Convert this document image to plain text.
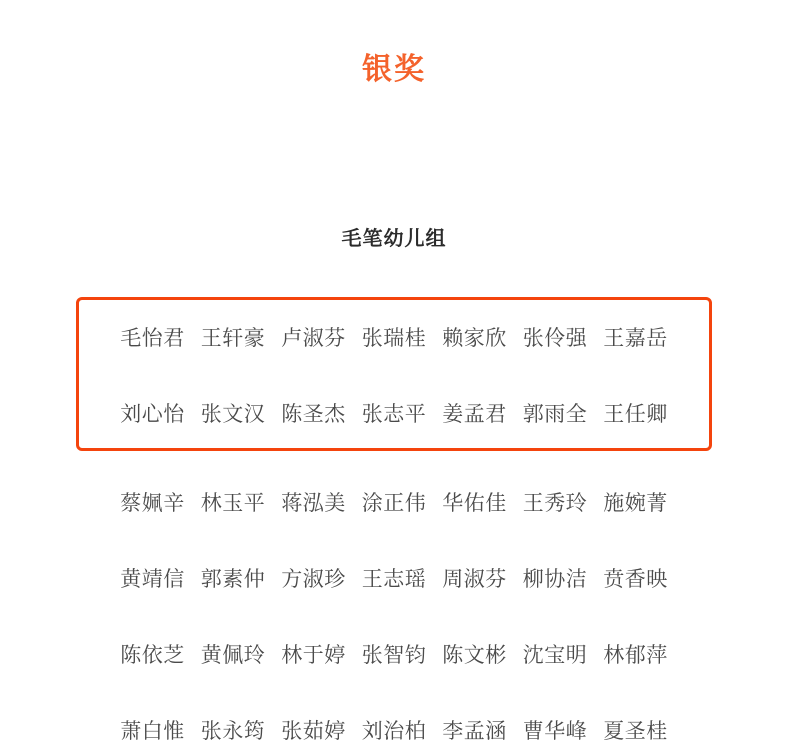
银奖
毛笔幼儿组
毛怡君 王轩豪 卢淑芬 张瑞桂 赖家欣 张伶强 王嘉岳
刘心怡 张文汉 陈圣杰 张志平 姜孟君 郭雨全 王任卿
蔡姵辛 林玉平 蒋泓美 涂正伟 华佑佳 王秀玲 施婉菁
黄靖信 郭素仲 方淑珍 王志瑶 周淑芬 柳协洁 贲香映
陈依芝 黄佩玲 林于婷 张智钧 陈文彬 沈宝明 林郁萍
萧白惟 张永筠 张茹婷 刘治柏 李孟涵 曹华峰 夏圣桂
